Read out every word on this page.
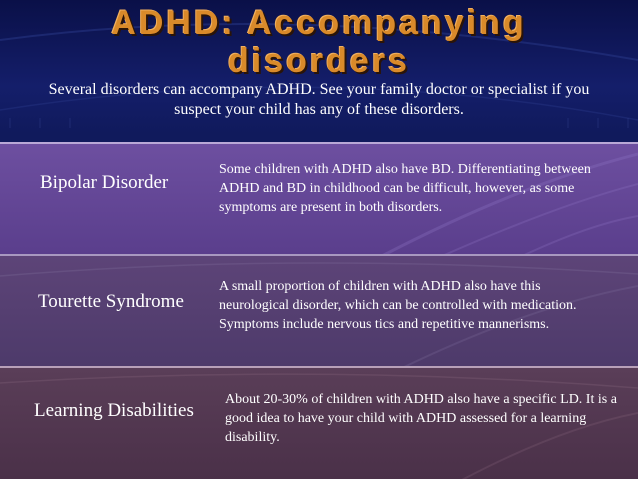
ADHD: Accompanying
disorders
Several disorders can accompany ADHD. See your family doctor or specialist if you suspect your child has any of these disorders.
Bipolar Disorder
Some children with ADHD also have BD. Differentiating between ADHD and BD in childhood can be difficult, however, as some symptoms are present in both disorders.
Tourette Syndrome
A small proportion of children with ADHD also have this neurological disorder, which can be controlled with medication. Symptoms include nervous tics and repetitive mannerisms.
Learning Disabilities
About 20-30% of children with ADHD also have a specific LD. It is a good idea to have your child with ADHD assessed for a learning disability.
